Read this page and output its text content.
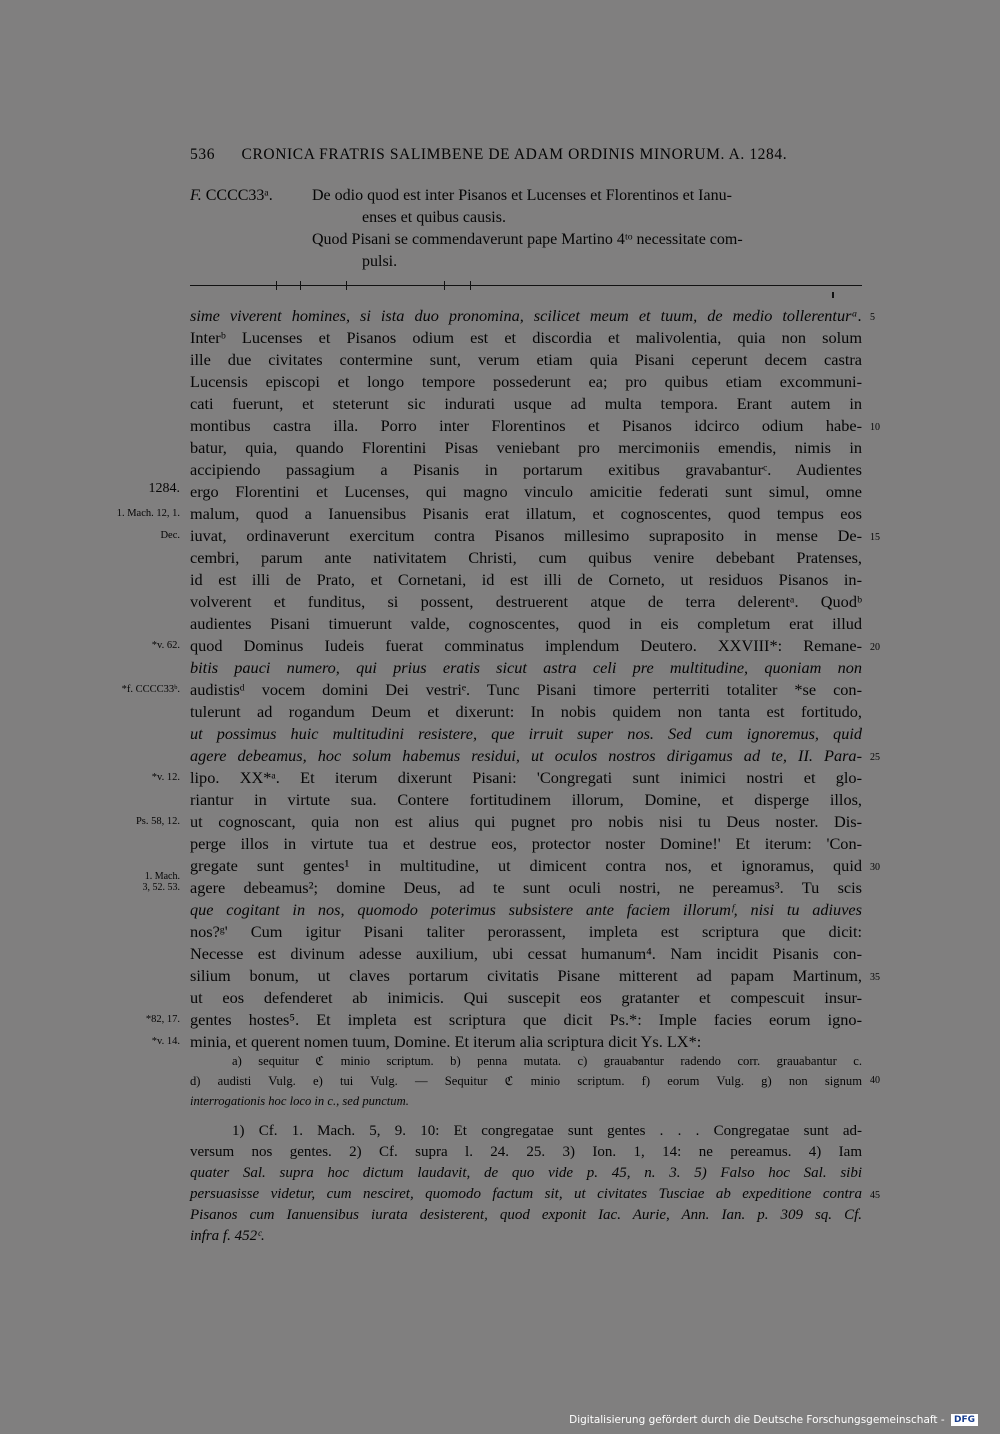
536 CRONICA FRATRIS SALIMBENE DE ADAM ORDINIS MINORUM. A. 1284.
F. CCCC33ᵃ. De odio quod est inter Pisanos et Lucenses et Florentinos et Ianu-
enses et quibus causis.
Quod Pisani se commendaverunt pape Martino 4ᵗᵒ necessitate com-
pulsi.
sime viverent homines, si ista duo pronomina, scilicet meum et tuum, de medio tollerenturᵃ.
Interᵇ Lucenses et Pisanos odium est et discordia et malivolentia, quia non solum
ille due civitates contermine sunt, verum etiam quia Pisani ceperunt decem castra
Lucensis episcopi et longo tempore possederunt ea; pro quibus etiam excommuni-
cati fuerunt, et steterunt sic indurati usque ad multa tempora. Erant autem in
montibus castra illa. Porro inter Florentinos et Pisanos idcirco odium habe-
batur, quia, quando Florentini Pisas veniebant pro mercimoniis emendis, nimis in
accipiendo passagium a Pisanis in portarum exitibus gravabanturᶜ. Audientes
ergo Florentini et Lucenses, qui magno vinculo amicitie federati sunt simul, omne
malum, quod a Ianuensibus Pisanis erat illatum, et cognoscentes, quod tempus eos
iuvat, ordinaverunt exercitum contra Pisanos millesimo supraposito in mense De-
cembri, parum ante nativitatem Christi, cum quibus venire debebant Pratenses,
id est illi de Prato, et Cornetani, id est illi de Corneto, ut residuos Pisanos in-
volverent et funditus, si possent, destruerent atque de terra delerentᵃ. Quodᵇ
audientes Pisani timuerunt valde, cognoscentes, quod in eis completum erat illud
quod Dominus Iudeis fuerat comminatus implendum Deutero. XXVIII*: Remane-
bitis pauci numero, qui prius eratis sicut astra celi pre multitudine, quoniam non
audistisᵈ vocem domini Dei vestriᵉ. Tunc Pisani timore perterriti totaliter *se con-
tulerunt ad rogandum Deum et dixerunt: In nobis quidem non tanta est fortitudo,
ut possimus huic multitudini resistere, que irruit super nos. Sed cum ignoremus, quid
agere debeamus, hoc solum habemus residui, ut oculos nostros dirigamus ad te, II. Para-
lipo. XX*ᵃ. Et iterum dixerunt Pisani: 'Congregati sunt inimici nostri et glo-
riantur in virtute sua. Contere fortitudinem illorum, Domine, et disperge illos,
ut cognoscant, quia non est alius qui pugnet pro nobis nisi tu Deus noster. Dis-
perge illos in virtute tua et destrue eos, protector noster Domine!' Et iterum: 'Con-
gregate sunt gentes¹ in multitudine, ut dimicent contra nos, et ignoramus, quid
agere debeamus²; domine Deus, ad te sunt oculi nostri, ne pereamus³. Tu scis
que cogitant in nos, quomodo poterimus subsistere ante faciem illorumᶠ, nisi tu adiuves
nos?ᵍ' Cum igitur Pisani taliter perorassent, impleta est scriptura que dicit:
Necesse est divinum adesse auxilium, ubi cessat humanum⁴. Nam incidit Pisanis con-
silium bonum, ut claves portarum civitatis Pisane mitterent ad papam Martinum,
ut eos defenderet ab inimicis. Qui suscepit eos gratanter et compescuit insur-
gentes hostes⁵. Et impleta est scriptura que dicit Ps.*: Imple facies eorum igno-
minia, et querent nomen tuum, Domine. Et iterum alia scriptura dicit Ys. LX*:
5
10
15
20
25
30
35
1284.
1. Mach. 12, 1.
Dec.
*v. 62.
*f. CCCC33ᵇ.
*v. 12.
Ps. 58, 12.
1. Mach.
3, 52. 53.
*82, 17.
*v. 14.
a) sequitur ℭ minio scriptum. b) penna mutata. c) grauab̶antur radendo corr. grauabantur c.
d) audisti Vulg. e) tui Vulg. — Sequitur ℭ minio scriptum. f) eorum Vulg. g) non signum
interrogationis hoc loco in c., sed punctum.
40
1) Cf. 1. Mach. 5, 9. 10: Et congregatae sunt gentes . . . Congregatae sunt ad-
versum nos gentes. 2) Cf. supra l. 24. 25. 3) Ion. 1, 14: ne pereamus. 4) Iam
quater Sal. supra hoc dictum laudavit, de quo vide p. 45, n. 3. 5) Falso hoc Sal. sibi
persuasisse videtur, cum nesciret, quomodo factum sit, ut civitates Tusciae ab expeditione contra
Pisanos cum Ianuensibus iurata desisterent, quod exponit Iac. Aurie, Ann. Ian. p. 309 sq. Cf.
infra f. 452ᶜ.
45
Digitalisierung gefördert durch die Deutsche Forschungsgemeinschaft - DFG
